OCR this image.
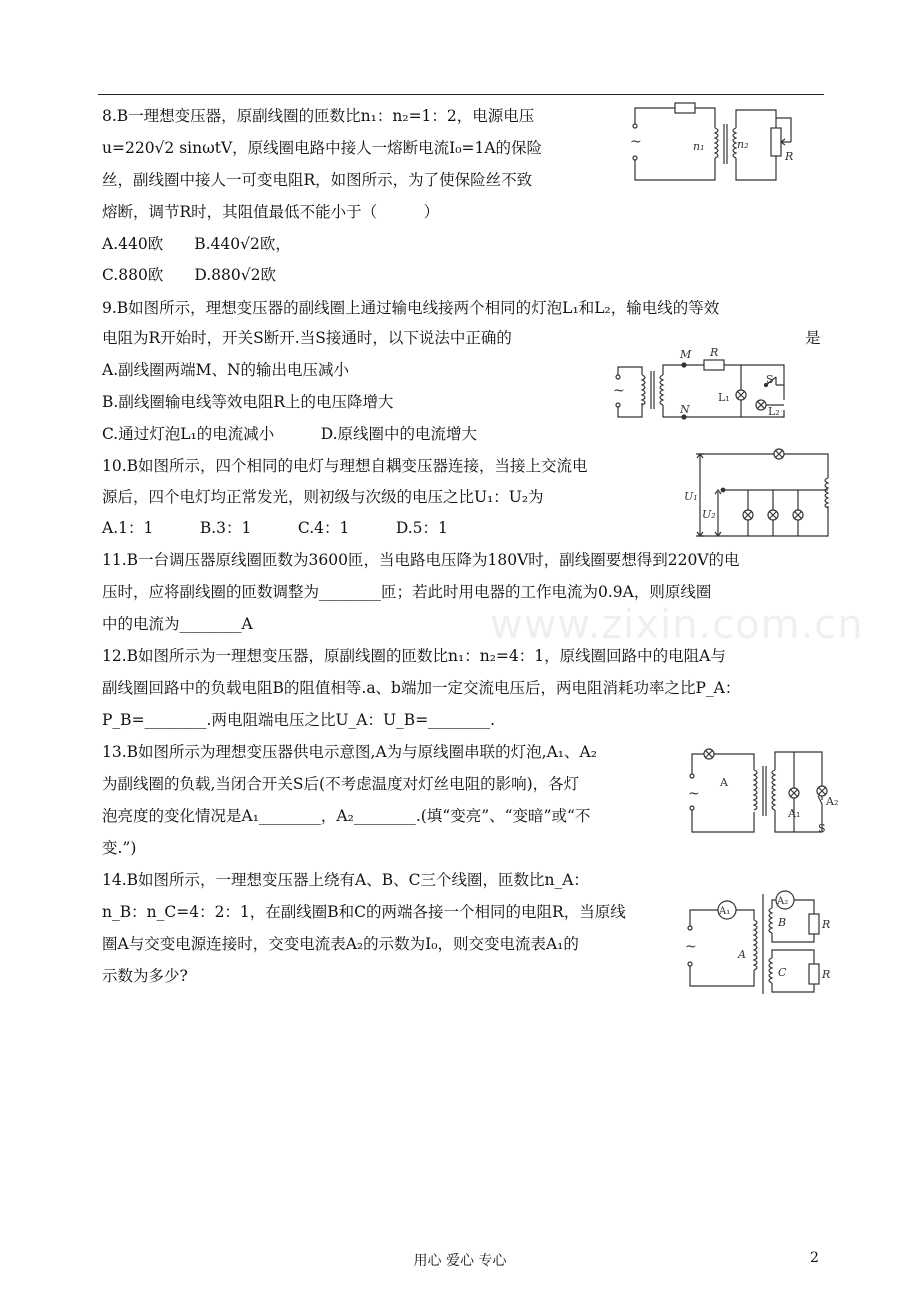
www.zixin.com.cn
8.B一理想变压器，原副线圈的匝数比n₁：n₂=1：2，电源电压
u=220√2 sinωtV，原线圈电路中接人一熔断电流I₀=1A的保险
丝，副线圈中接人一可变电阻R，如图所示，为了使保险丝不致
熔断，调节R时，其阻值最低不能小于（　　　）
A.440欧　　B.440√2欧，
C.880欧　　D.880√2欧
9.B如图所示，理想变压器的副线圈上通过输电线接两个相同的灯泡L₁和L₂，输电线的等效
电阻为R开始时，开关S断开.当S接通时，以下说法中正确的	是
A.副线圈两端M、N的输出电压减小
B.副线圈输电线等效电阻R上的电压降增大
C.通过灯泡L₁的电流减小　　　D.原线圈中的电流增大
10.B如图所示，四个相同的电灯与理想自耦变压器连接，当接上交流电
源后，四个电灯均正常发光，则初级与次级的电压之比U₁：U₂为
A.1：1　　　B.3：1　　　C.4：1　　　D.5：1
11.B一台调压器原线圈匝数为3600匝，当电路电压降为180V时，副线圈要想得到220V的电
压时，应将副线圈的匝数调整为________匝；若此时用电器的工作电流为0.9A，则原线圈
中的电流为________A
12.B如图所示为一理想变压器，原副线圈的匝数比n₁：n₂=4：1，原线圈回路中的电阻A与
副线圈回路中的负载电阻B的阻值相等.a、b端加一定交流电压后，两电阻消耗功率之比P_A：
P_B=________.两电阻端电压之比U_A：U_B=________.
13.B如图所示为理想变压器供电示意图,A为与原线圈串联的灯泡,A₁、A₂
为副线圈的负载,当闭合开关S后(不考虑温度对灯丝电阻的影响)，各灯
泡亮度的变化情况是A₁________，A₂________.(填“变亮”、“变暗”或“不
变.”)
14.B如图所示，一理想变压器上绕有A、B、C三个线圈，匝数比n_A：
n_B：n_C=4：2：1，在副线圈B和C的两端各接一个相同的电阻R，当原线
圈A与交变电源连接时，交变电流表A₂的示数为I₀，则交变电流表A₁的
示数为多少?
~	n₁	n₂
R
~
M
N
R
S
L₁
L₂
U₁
U₂
~
A
A₁
A₂
S
~	A
B
C
A₁
A₂
R
R
用心 爱心 专心	2
